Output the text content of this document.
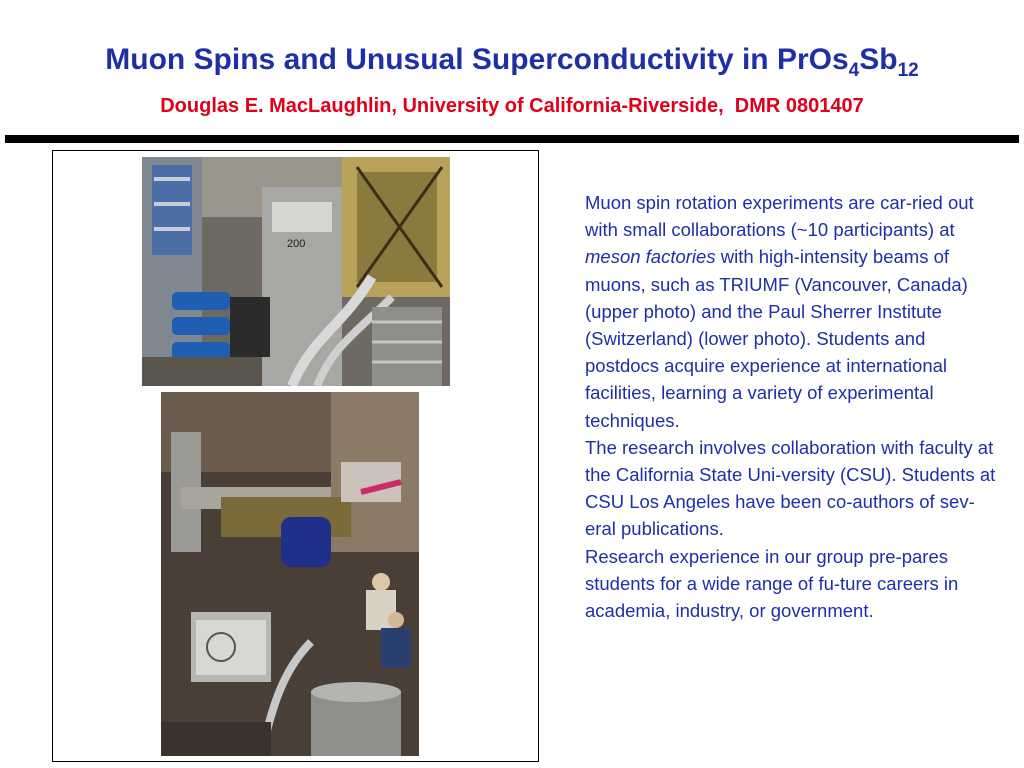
Muon Spins and Unusual Superconductivity in $PrOs_4Sb_{12}$
Douglas E. MacLaughlin, University of California-Riverside,  DMR 0801407
200

Muon spin rotation experiments are car-ried out with small collaborations (~10 participants) at meson factories with high-intensity beams of muons, such as TRIUMF (Vancouver, Canada) (upper photo) and the Paul Sherrer Institute (Switzerland) (lower photo). Students and postdocs acquire experience at international facilities, learning a variety of experimental techniques.

The research involves collaboration with faculty at the California State Uni-versity (CSU). Students at CSU Los Angeles have been co-authors of sev-eral publications.

Research experience in our group pre-pares students for a wide range of fu-ture careers in academia, industry, or government.
